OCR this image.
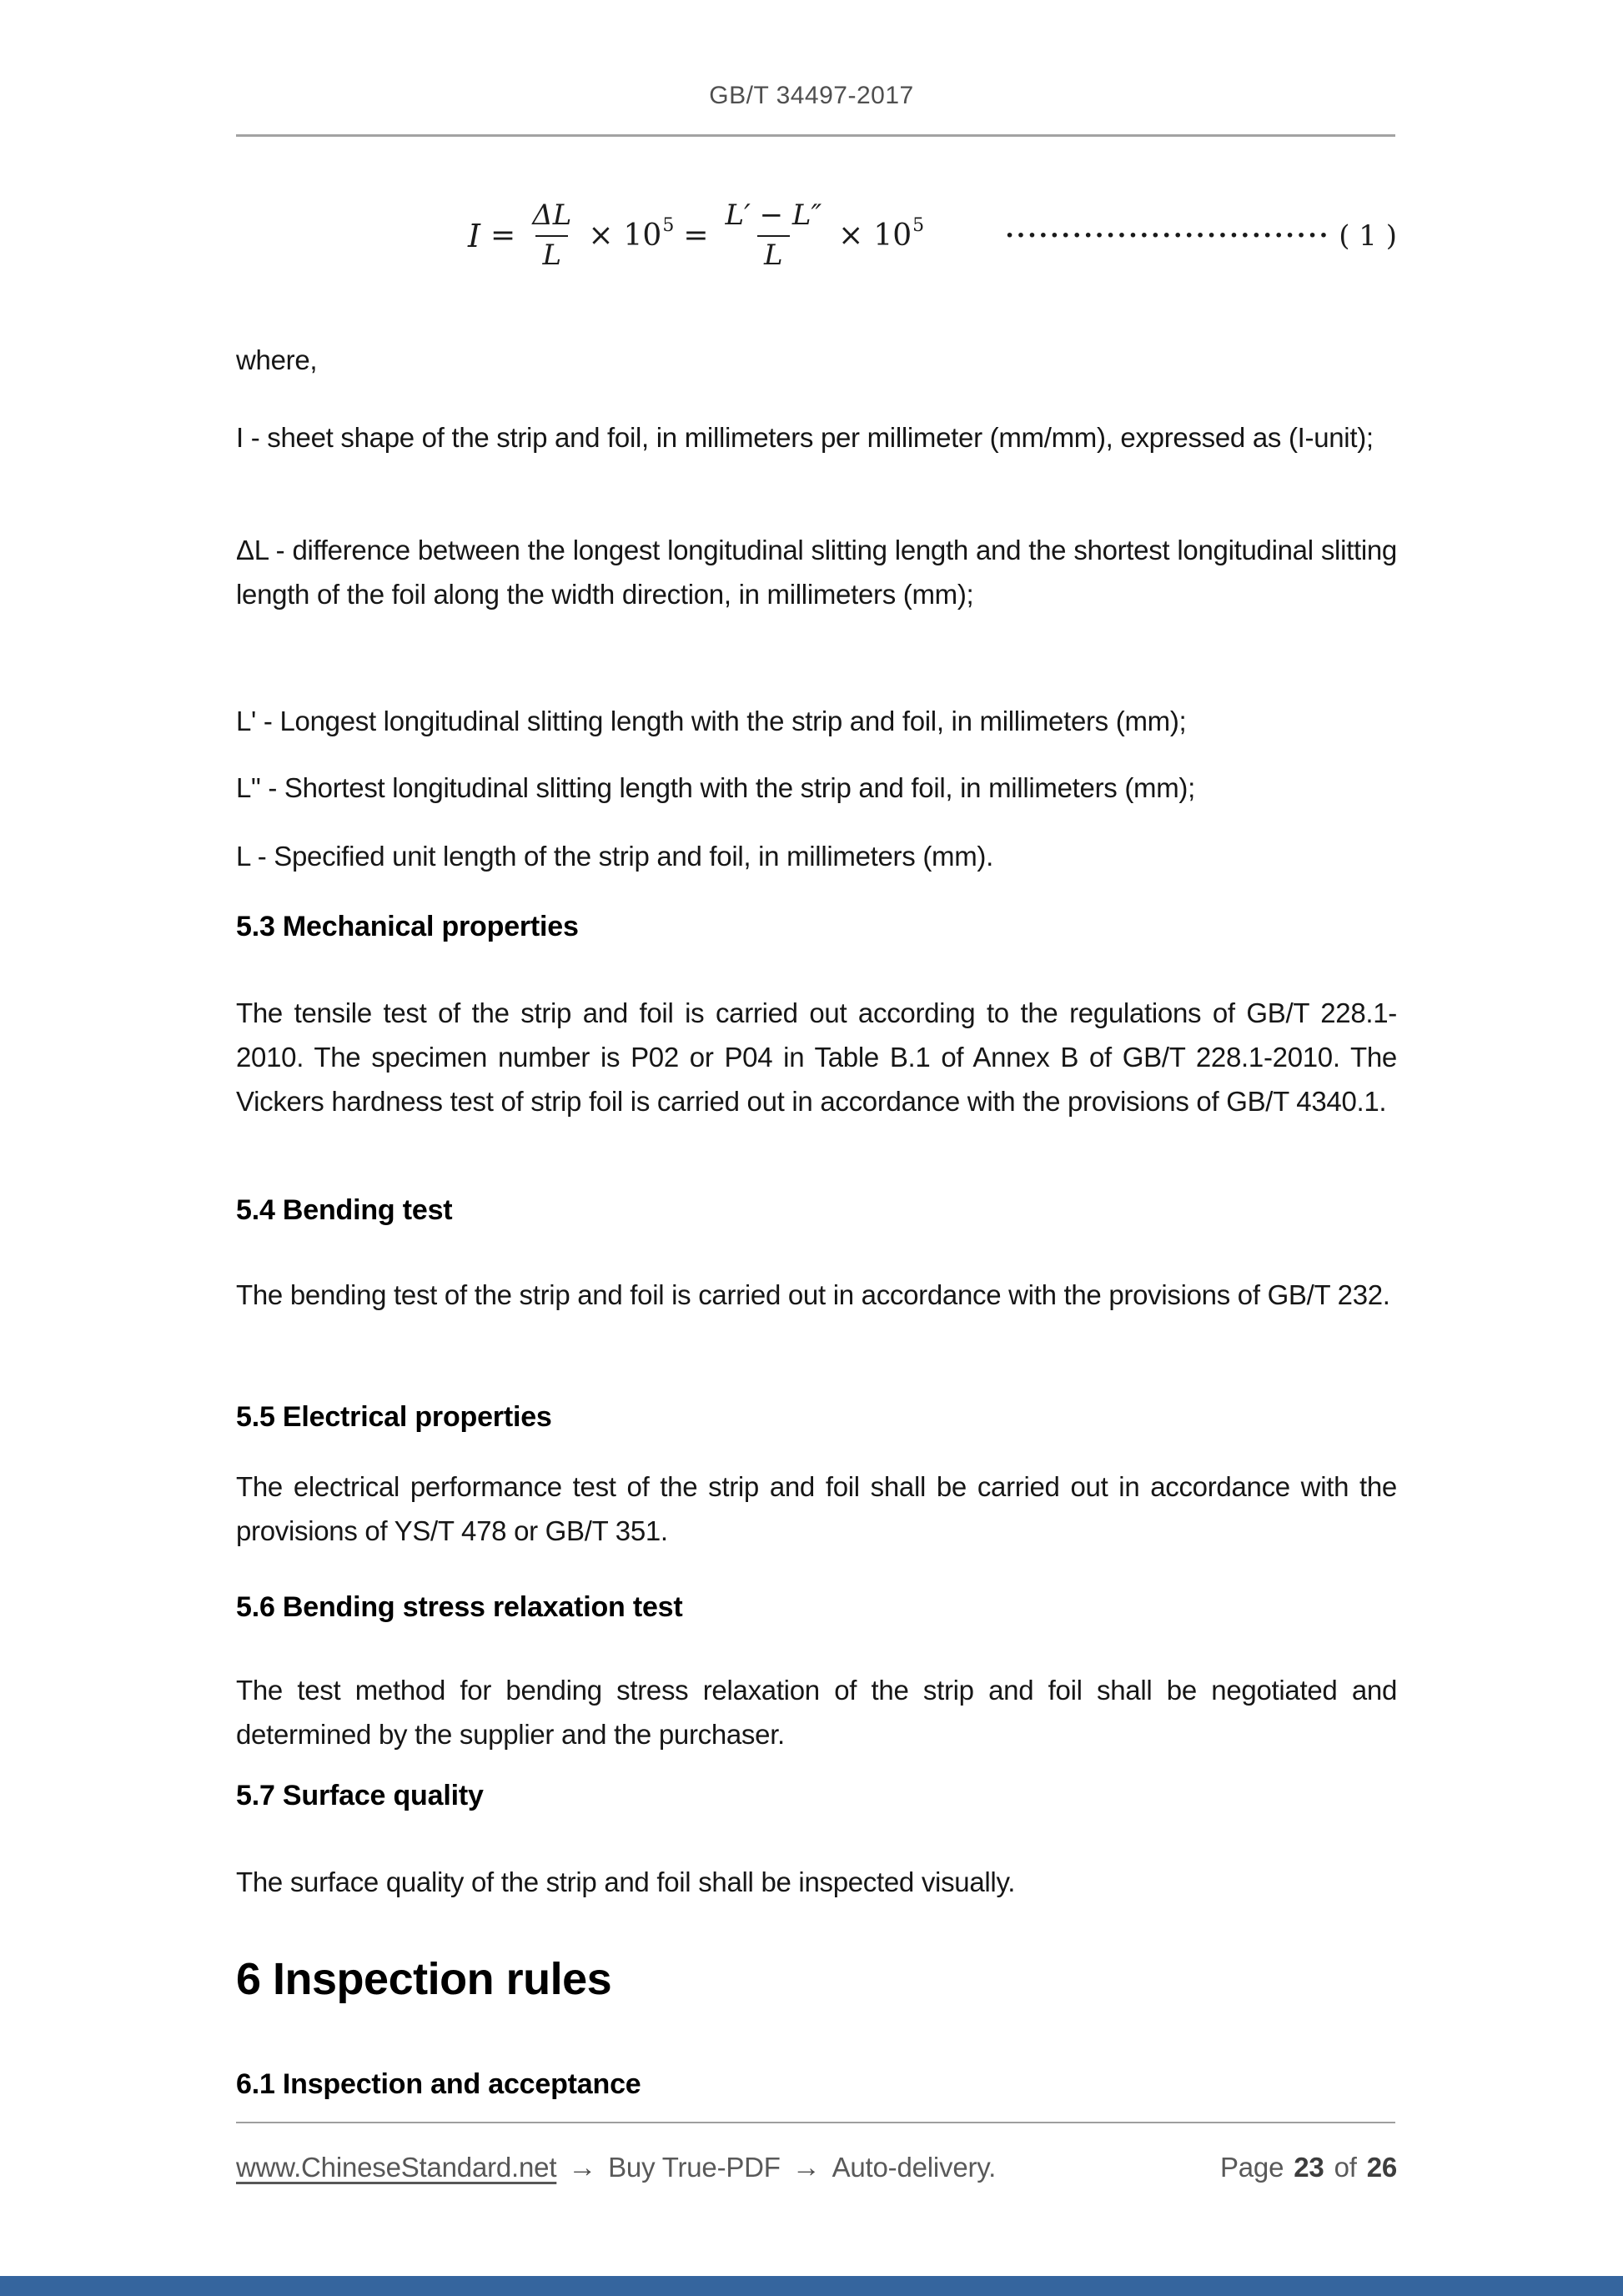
GB/T 34497-2017
$I = \frac{\Delta L}{L} \times 10^5 = \frac{L' - L''}{L} \times 10^5$	····························· ( 1 )
where,
I - sheet shape of the strip and foil, in millimeters per millimeter (mm/mm), expressed as (I-unit);
ΔL - difference between the longest longitudinal slitting length and the shortest longitudinal slitting length of the foil along the width direction, in millimeters (mm);
L' - Longest longitudinal slitting length with the strip and foil, in millimeters (mm);
L" - Shortest longitudinal slitting length with the strip and foil, in millimeters (mm);
L - Specified unit length of the strip and foil, in millimeters (mm).
5.3 Mechanical properties
The tensile test of the strip and foil is carried out according to the regulations of GB/T 228.1-2010. The specimen number is P02 or P04 in Table B.1 of Annex B of GB/T 228.1-2010. The Vickers hardness test of strip foil is carried out in accordance with the provisions of GB/T 4340.1.
5.4 Bending test
The bending test of the strip and foil is carried out in accordance with the provisions of GB/T 232.
5.5 Electrical properties
The electrical performance test of the strip and foil shall be carried out in accordance with the provisions of YS/T 478 or GB/T 351.
5.6 Bending stress relaxation test
The test method for bending stress relaxation of the strip and foil shall be negotiated and determined by the supplier and the purchaser.
5.7 Surface quality
The surface quality of the strip and foil shall be inspected visually.
6 Inspection rules
6.1 Inspection and acceptance
www.ChineseStandard.net → Buy True-PDF → Auto-delivery.	Page 23 of 26
